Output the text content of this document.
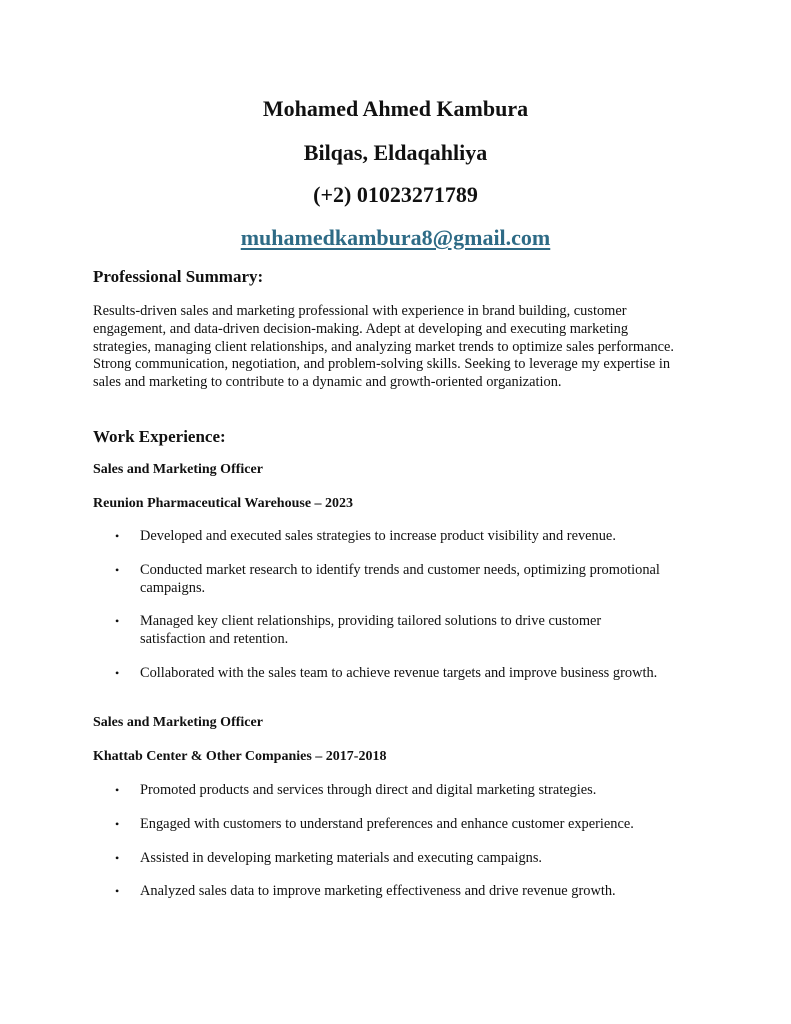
Mohamed Ahmed Kambura
Bilqas, Eldaqahliya
(+2) 01023271789
muhamedkambura8@gmail.com
Professional Summary:

Results-driven sales and marketing professional with experience in brand building, customer engagement, and data-driven decision-making. Adept at developing and executing marketing strategies, managing client relationships, and analyzing market trends to optimize sales performance. Strong communication, negotiation, and problem-solving skills. Seeking to leverage my expertise in sales and marketing to contribute to a dynamic and growth-oriented organization.

Work Experience:
Sales and Marketing Officer
Reunion Pharmaceutical Warehouse – 2023
• Developed and executed sales strategies to increase product visibility and revenue.
• Conducted market research to identify trends and customer needs, optimizing promotional campaigns.
• Managed key client relationships, providing tailored solutions to drive customer satisfaction and retention.
• Collaborated with the sales team to achieve revenue targets and improve business growth.
Sales and Marketing Officer
Khattab Center & Other Companies – 2017-2018
• Promoted products and services through direct and digital marketing strategies.
• Engaged with customers to understand preferences and enhance customer experience.
• Assisted in developing marketing materials and executing campaigns.
• Analyzed sales data to improve marketing effectiveness and drive revenue growth.
